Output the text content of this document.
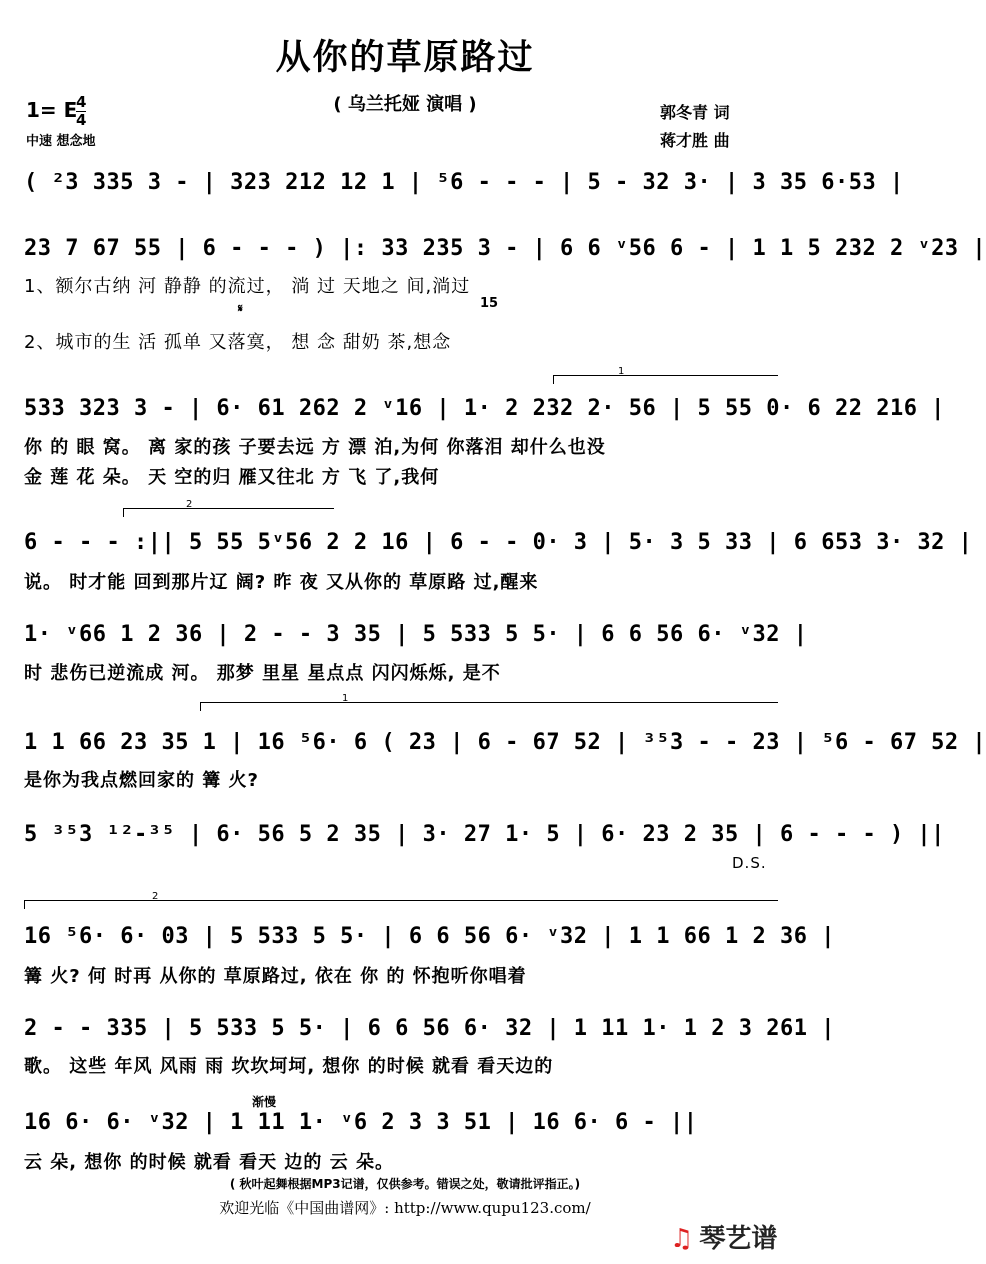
从你的草原路过
( 乌兰托娅 演唱 )
1= E
$\frac{4}{4}$
中速 想念地
郭冬青 词
蒋才胜 曲
( ²3 335 3 - | 323 212 12 1 | ⁵6 - - - | 5 - 32 3· | 3 35 6·53 |
23 7 67 55 | 6 - - - ) |: 33 235 3 - | 6 6 ᵛ56 6 - | 1 1 5 232 2 ᵛ23 |
1、额尔古纳 河 静静 的流过， 淌 过 天地之 间,淌过
𝄋	15
2、城市的生 活 孤单 又落寞， 想 念 甜奶 茶,想念
1
533 323 3 - | 6· 61 262 2 ᵛ16 | 1· 2 232 2· 56 | 5 55 0· 6 22 216 |
你 的 眼 窝。 离 家的孩 子要去远 方 漂 泊,为何 你落泪 却什么也没
金 莲 花 朵。 天 空的归 雁又往北 方 飞 了,我何
2
6 - - - :|| 5 55 5ᵛ56 2 2 16 | 6 - - 0· 3 | 5· 3 5 33 | 6 653 3· 32 |
说。 时才能 回到那片辽 阔? 昨 夜 又从你的 草原路 过,醒来
1· ᵛ66 1 2 36 | 2 - - 3 35 | 5 533 5 5· | 6 6 56 6· ᵛ32 |
时 悲伤已逆流成 河。 那梦 里星 星点点 闪闪烁烁, 是不
1
1 1 66 23 35 1 | 16 ⁵6· 6 ( 23 | 6 - 67 52 | ³⁵3 - - 23 | ⁵6 - 67 52 |
是你为我点燃回家的 篝 火?
5 ³⁵3 ¹²-³⁵ | 6· 56 5 2 35 | 3· 27 1· 5 | 6· 23 2 35 | 6 - - - ) ||
D.S.
2
16 ⁵6· 6· 03 | 5 533 5 5· | 6 6 56 6· ᵛ32 | 1 1 66 1 2 36 |
篝 火? 何 时再 从你的 草原路过, 依在 你 的 怀抱听你唱着
2 - - 335 | 5 533 5 5· | 6 6 56 6· 32 | 1 11 1· 1 2 3 261 |
歌。 这些 年风 风雨 雨 坎坎坷坷, 想你 的时候 就看 看天边的
渐慢
16 6· 6· ᵛ32 | 1 11 1· ᵛ6 2 3 3 51 | 16 6· 6 - ||
云 朵, 想你 的时候 就看 看天 边的 云 朵。
( 秋叶起舞根据MP3记谱，仅供参考。错误之处，敬请批评指正。)
欢迎光临《中国曲谱网》: http://www.qupu123.com/
♫ 琴艺谱
